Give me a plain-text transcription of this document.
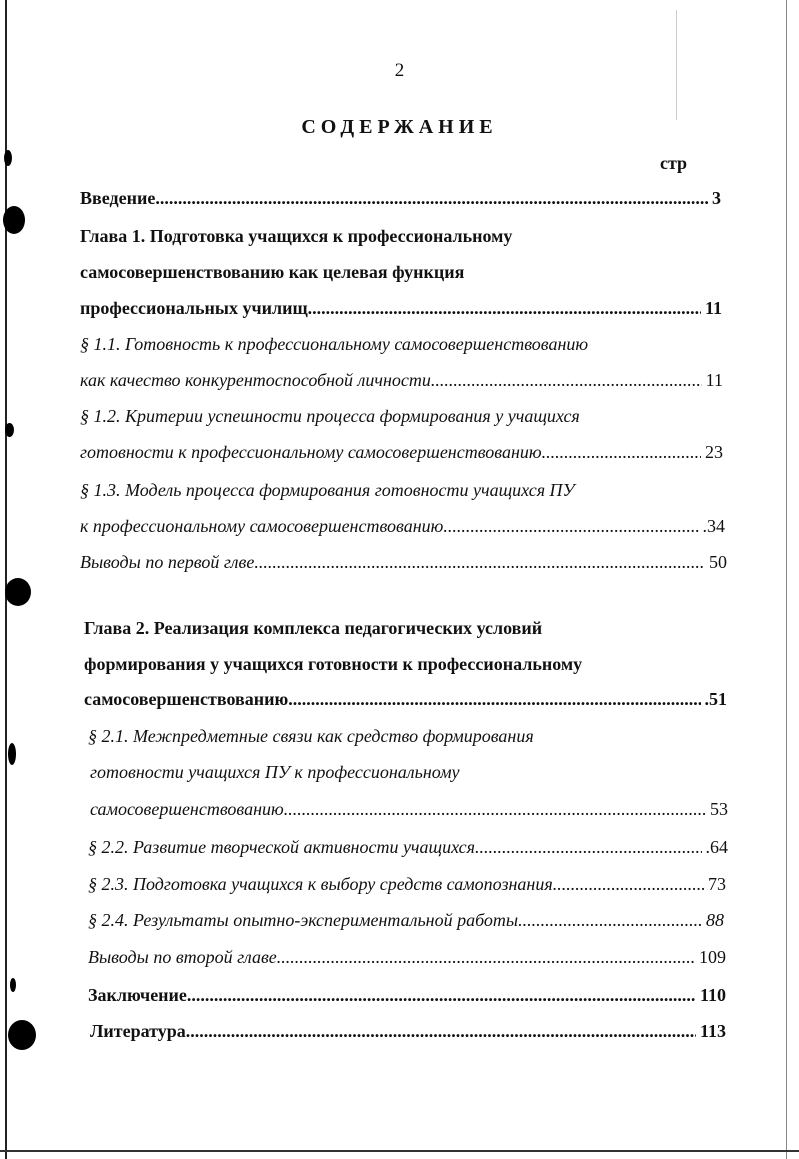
2
СОДЕРЖАНИЕ
стр
Введение .....	3
Глава 1. Подготовка учащихся к профессиональному
самосовершенствованию как целевая функция
профессиональных училищ .....	11
§ 1.1. Готовность к профессиональному самосовершенствованию
как качество конкурентоспособной личности .....	11
§ 1.2. Критерии успешности процесса формирования у учащихся
готовности к профессиональному самосовершенствованию .....	23
§ 1.3. Модель процесса формирования готовности учащихся ПУ
к профессиональному самосовершенствованию .....	.34
Выводы по первой глве .....	50
Глава 2. Реализация комплекса педагогических условий
формирования у учащихся готовности к профессиональному
самосовершенствованию .....	.51
§ 2.1. Межпредметные связи как средство формирования
готовности учащихся ПУ к профессиональному
самосовершенствованию .....	53
§ 2.2. Развитие творческой активности учащихся .....	.64
§ 2.3. Подготовка учащихся к выбору средств самопознания .....	73
§ 2.4. Результаты опытно-экспериментальной работы .....	88
Выводы по второй главе .....	109
Заключение .....	110
Литература .....	113
